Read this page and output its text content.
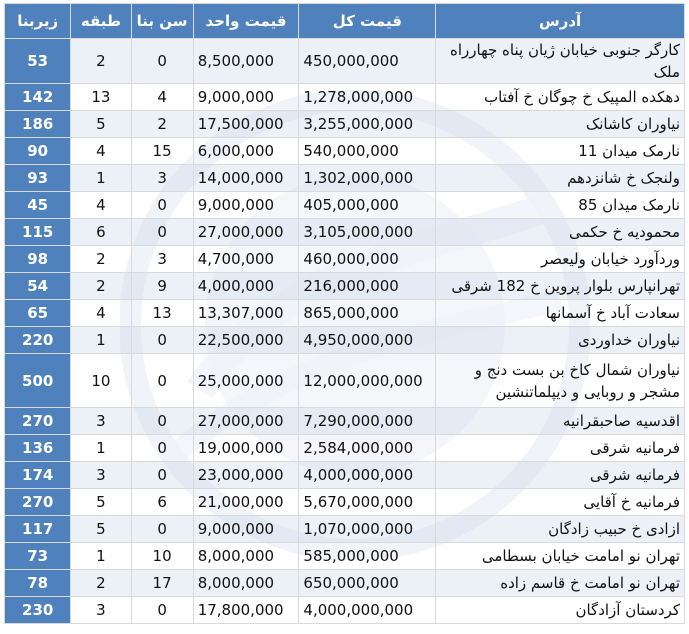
آدرس	قیمت کل	قیمت واحد	سن بنا	طبقه	زیربنا
کارگر جنوبی خیابان ژیان پناه چهارراه ملک	450,000,000	8,500,000	0	2	53
دهکده المپیک خ چوگان خ آفتاب	1,278,000,000	9,000,000	4	13	142
نیاوران کاشانک	3,255,000,000	17,500,000	2	5	186
نارمک میدان 11	540,000,000	6,000,000	15	4	90
ولنجک خ شانزدهم	1,302,000,000	14,000,000	3	1	93
نارمک میدان 85	405,000,000	9,000,000	0	4	45
محمودیه خ حکمی	3,105,000,000	27,000,000	0	6	115
وردآورد خیابان ولیعصر	460,000,000	4,700,000	3	2	98
تهرانپارس بلوار پروین خ 182 شرقی	216,000,000	4,000,000	9	2	54
سعادت آباد خ آسمانها	865,000,000	13,307,000	13	4	65
نیاوران خداوردی	4,950,000,000	22,500,000	0	1	220
نیاوران شمال کاخ بن بست دنج و مشجر و روبایی و دیپلماتنشین	12,000,000,000	25,000,000	0	10	500
اقدسیه صاحبقرانیه	7,290,000,000	27,000,000	0	3	270
فرمانیه شرقی	2,584,000,000	19,000,000	0	1	136
فرمانیه شرقی	4,000,000,000	23,000,000	0	3	174
فرمانیه خ آقایی	5,670,000,000	21,000,000	6	5	270
ازادی خ حبیب زادگان	1,070,000,000	9,000,000	0	5	117
تهران نو امامت خیابان بسطامی	585,000,000	8,000,000	10	1	73
تهران نو امامت خ قاسم زاده	650,000,000	8,000,000	17	2	78
کردستان آزادگان	4,000,000,000	17,800,000	0	3	230
